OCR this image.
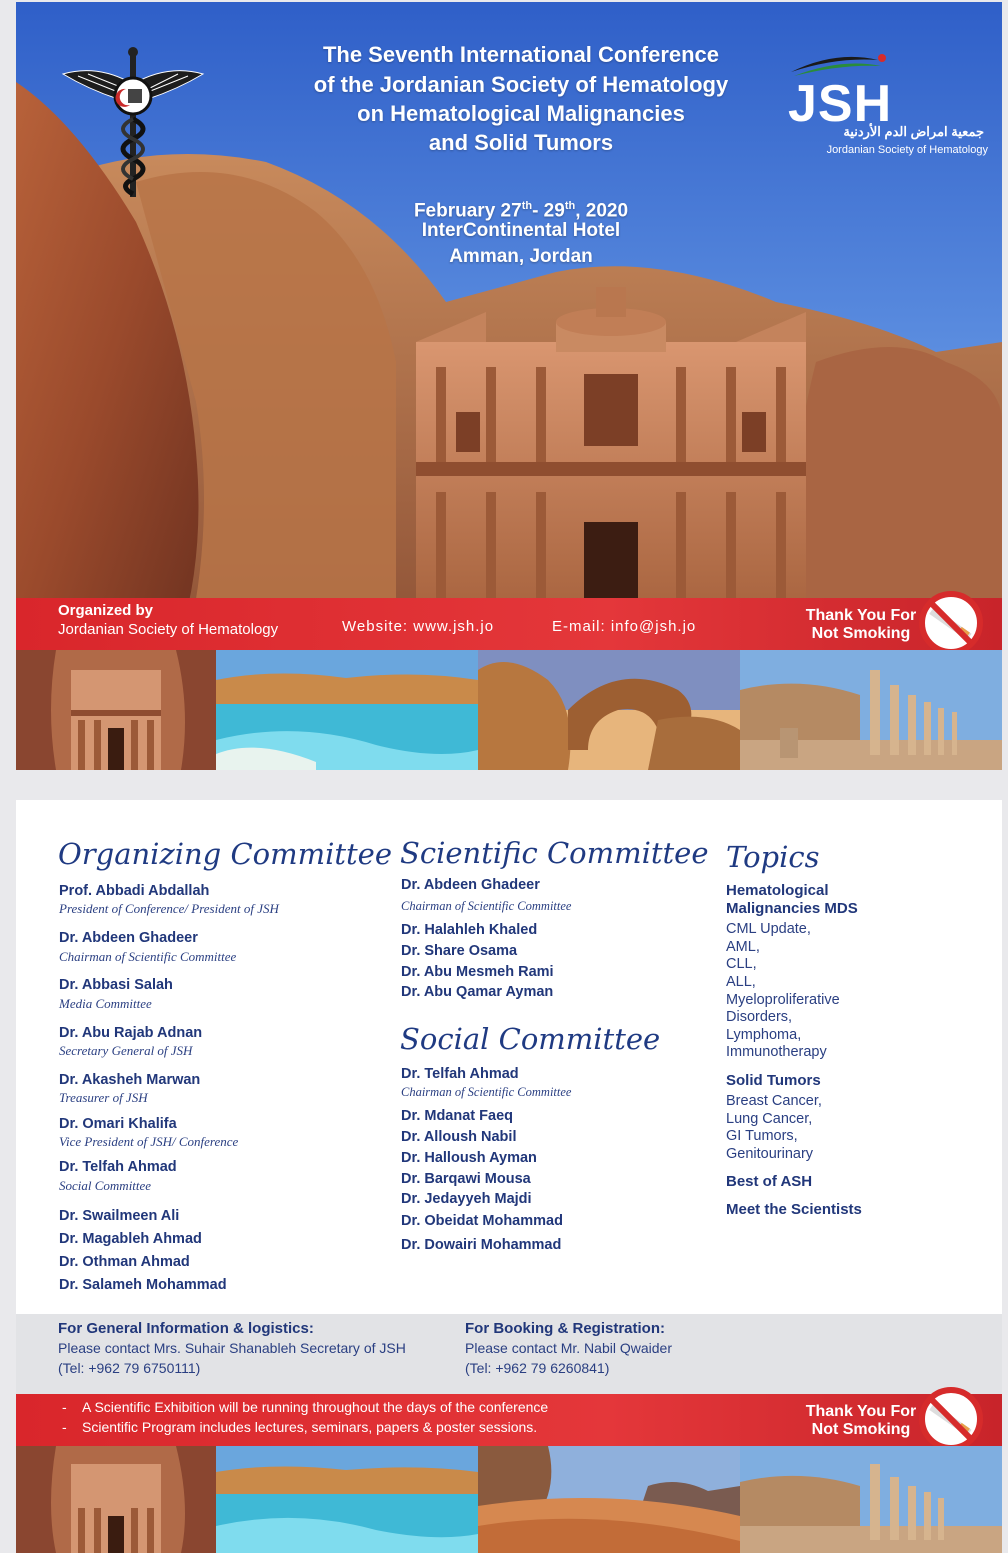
The Seventh International Conference
of the Jordanian Society of Hematology
on Hematological Malignancies
and Solid Tumors
February 27th- 29th, 2020
InterContinental Hotel
Amman, Jordan
JSH
جمعية امراض الدم الأردنية
Jordanian Society of Hematology
Organized by
Jordanian Society of Hematology	Website: www.jsh.jo	E-mail: info@jsh.jo
Thank You For
Not Smoking
Organizing Committee
Prof. Abbadi Abdallah
President of Conference/ President of JSH
Dr. Abdeen Ghadeer
Chairman of Scientific Committee
Dr. Abbasi Salah
Media Committee
Dr. Abu Rajab Adnan
Secretary General of JSH
Dr. Akasheh Marwan
Treasurer of JSH
Dr. Omari Khalifa
Vice President of JSH/ Conference
Dr. Telfah Ahmad
Social Committee
Dr. Swailmeen Ali
Dr. Magableh Ahmad
Dr. Othman Ahmad
Dr. Salameh Mohammad
Scientific Committee
Dr. Abdeen Ghadeer
Chairman of Scientific Committee
Dr. Halahleh Khaled
Dr. Share Osama
Dr. Abu Mesmeh Rami
Dr. Abu Qamar Ayman
Social Committee
Dr. Telfah Ahmad
Chairman of Scientific Committee
Dr. Mdanat Faeq
Dr. Alloush Nabil
Dr. Halloush Ayman
Dr. Barqawi Mousa
Dr. Jedayyeh Majdi
Dr. Obeidat Mohammad
Dr. Dowairi Mohammad
Topics
Hematological
Malignancies MDS
CML Update,
AML,
CLL,
ALL,
Myeloproliferative
Disorders,
Lymphoma,
Immunotherapy
Solid Tumors
Breast Cancer,
Lung Cancer,
GI Tumors,
Genitourinary
Best of ASH
Meet the Scientists
For General Information & logistics:
Please contact Mrs. Suhair Shanableh Secretary of JSH
(Tel: +962 79 6750111)
For Booking & Registration:
Please contact Mr. Nabil Qwaider
(Tel: +962 79 6260841)
- A Scientific Exhibition will be running throughout the days of the conference
- Scientific Program includes lectures, seminars, papers & poster sessions.
Thank You For
Not Smoking
